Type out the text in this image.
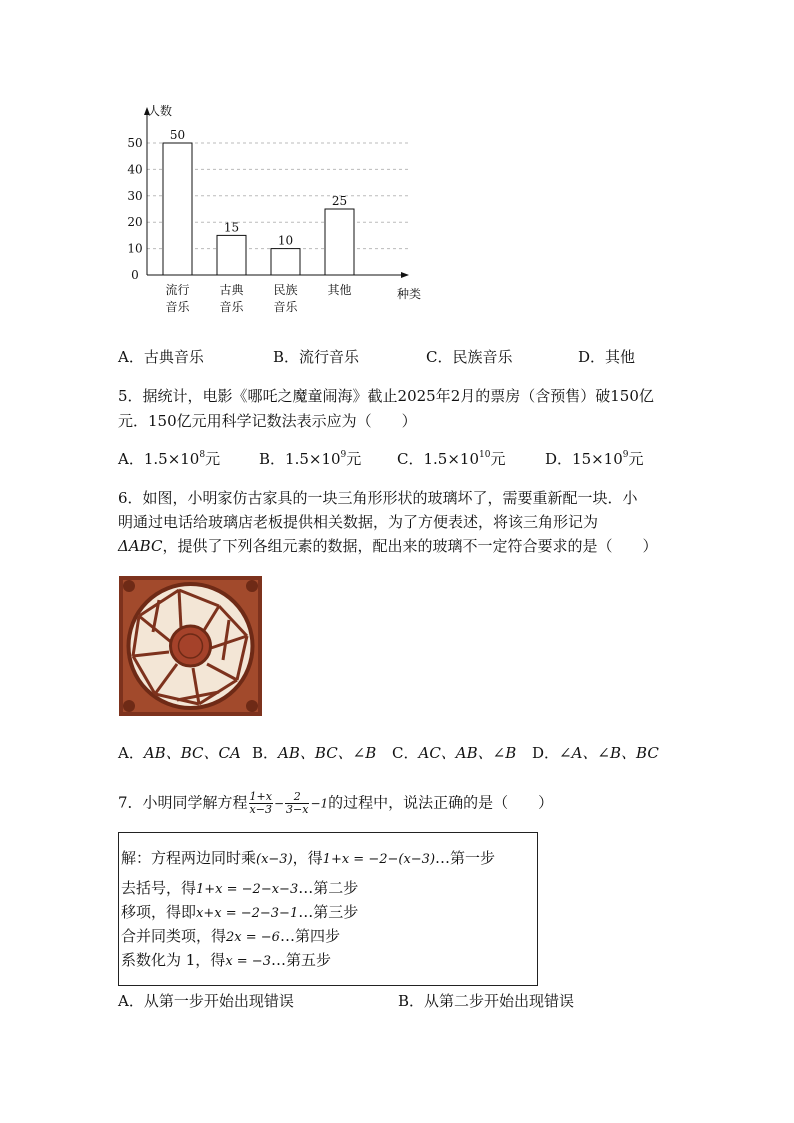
0
10
20
30
40
50
人数
种类
50
流行
音乐
15
古典
音乐
10
民族
音乐
25
其他
A．古典音乐	B．流行音乐	C．民族音乐	D．其他
5．据统计，电影《哪吒之魔童闹海》截止2025年2月的票房（含预售）破150亿
元．150亿元用科学记数法表示应为（　　）
A．$1.5\times 10^8$元	B．$1.5\times 10^9$元 C．$1.5\times 10^{10}$元	D．$15\times 10^9$元
6．如图，小明家仿古家具的一块三角形形状的玻璃坏了，需要重新配一块．小
明通过电话给玻璃店老板提供相关数据，为了方便表述，将该三角形记为
ΔABC，提供了下列各组元素的数据，配出来的玻璃不一定符合要求的是（　　）
A．AB、BC、CA B．AB、BC、∠B C．AC、AB、∠B D．∠A、∠B、BC
7．小明同学解方程 $\frac{1+x}{x-3} - \frac{2}{3-x} -1$的过程中，说法正确的是（　　）
解：方程两边同时乘(x−3)，得1+x = −2−(x−3)…第一步
去括号，得1+x = −2−x−3…第二步
移项，得即x+x = −2−3−1…第三步
合并同类项，得2x = −6…第四步
系数化为 1，得x = −3…第五步
A．从第一步开始出现错误	B．从第二步开始出现错误
